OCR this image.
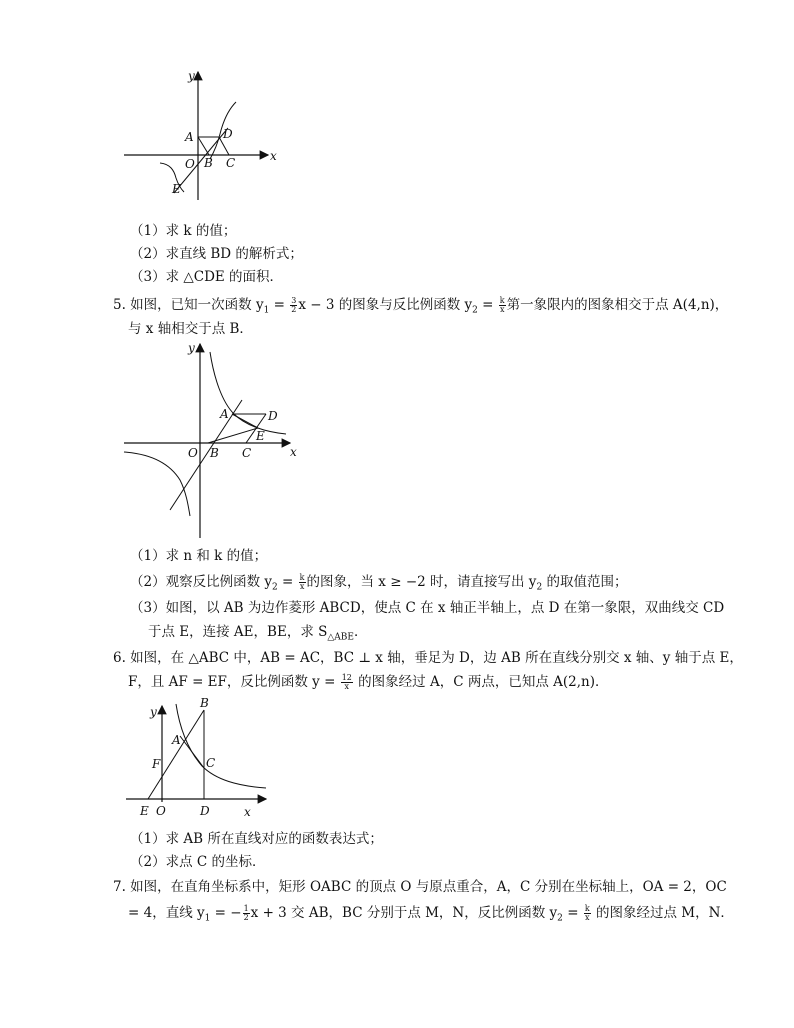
y
x
A D
O B C
E
（1）求 k 的值；
（2）求直线 BD 的解析式；
（3）求 △CDE 的面积．
5. 如图，已知一次函数 $y_1 = \frac{3}{2}$ x − 3 的图象与反比例函数 $y_2 = \frac{k}{x}$ 第一象限内的图象相交于点 A(4,n)，
与 x 轴相交于点 B．
y
x
A	D
E
O B C
（1）求 n 和 k 的值；
（2）观察反比例函数 $y_2 = \frac{k}{x}$ 的图象，当 x ≥ −2 时，请直接写出 $y_2$ 的取值范围；
（3）如图，以 AB 为边作菱形 ABCD，使点 C 在 x 轴正半轴上，点 D 在第一象限，双曲线交 CD
于点 E，连接 AE，BE，求 $S_{\triangle ABE}$．
6. 如图，在 △ABC 中，AB = AC，BC ⊥ x 轴，垂足为 D，边 AB 所在直线分别交 x 轴、y 轴于点 E，
F，且 AF = EF，反比例函数 $y = \frac{12}{x}$ 的图象经过 A，C 两点，已知点 A(2,n)．
y
x
B
A
F	C
E O	D
（1）求 AB 所在直线对应的函数表达式；
（2）求点 C 的坐标．
7. 如图，在直角坐标系中，矩形 OABC 的顶点 O 与原点重合，A，C 分别在坐标轴上，OA = 2，OC
= 4，直线 $y_1$ = − $\frac{1}{2}$ x + 3 交 AB，BC 分别于点 M，N，反比例函数 $y_2 = \frac{k}{x}$ 的图象经过点 M，N．
